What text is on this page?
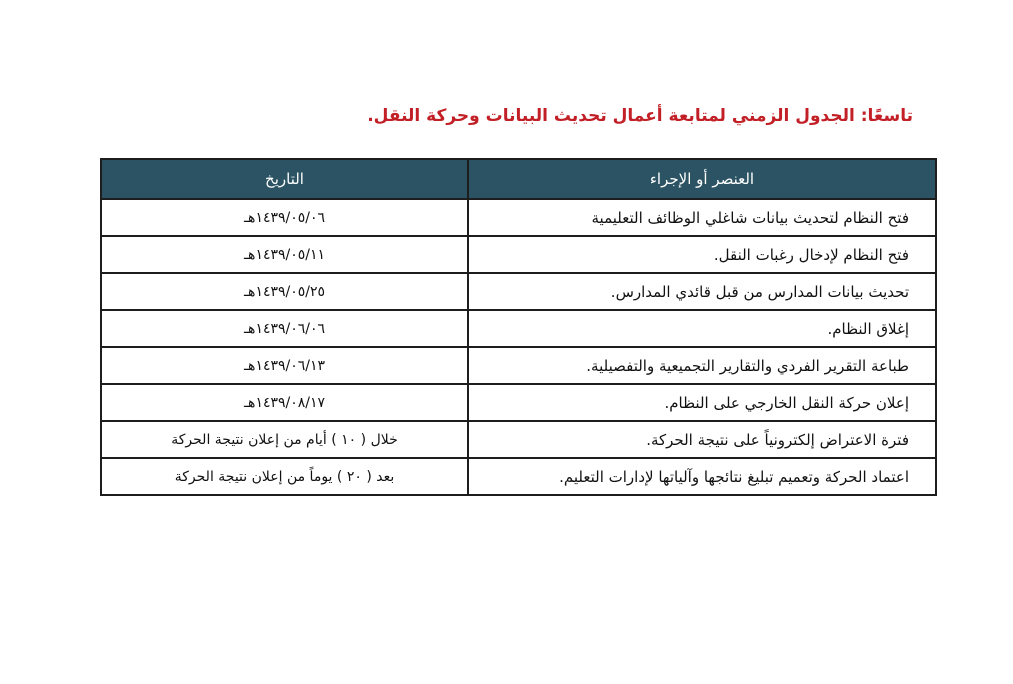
تاسعًا: الجدول الزمني لمتابعة أعمال تحديث البيانات وحركة النقل.
العنصر أو الإجراء	التاريخ
فتح النظام لتحديث بيانات شاغلي الوظائف التعليمية	١٤٣٩/٠٥/٠٦هـ
فتح النظام لإدخال رغبات النقل.	١٤٣٩/٠٥/١١هـ
تحديث بيانات المدارس من قبل قائدي المدارس.	١٤٣٩/٠٥/٢٥هـ
إغلاق النظام.	١٤٣٩/٠٦/٠٦هـ
طباعة التقرير الفردي والتقارير التجميعية والتفصيلية.	١٤٣٩/٠٦/١٣هـ
إعلان حركة النقل الخارجي على النظام.	١٤٣٩/٠٨/١٧هـ
فترة الاعتراض إلكترونياً على نتيجة الحركة.	خلال ( ١٠ ) أيام من إعلان نتيجة الحركة
اعتماد الحركة وتعميم تبليغ نتائجها وآلياتها لإدارات التعليم.	بعد ( ٢٠ ) يوماً من إعلان نتيجة الحركة
